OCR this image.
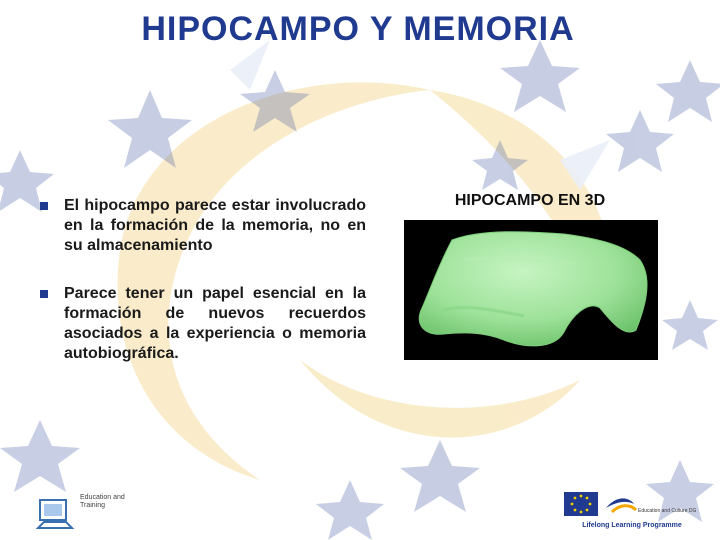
HIPOCAMPO Y MEMORIA
El hipocampo parece estar involucrado en la formación de la memoria, no en su almacenamiento
Parece tener un papel esencial en la formación de nuevos recuerdos asociados a la experiencia o memoria autobiográfica.
HIPOCAMPO EN 3D
Education and Training
Education and Culture DG
Lifelong Learning Programme
